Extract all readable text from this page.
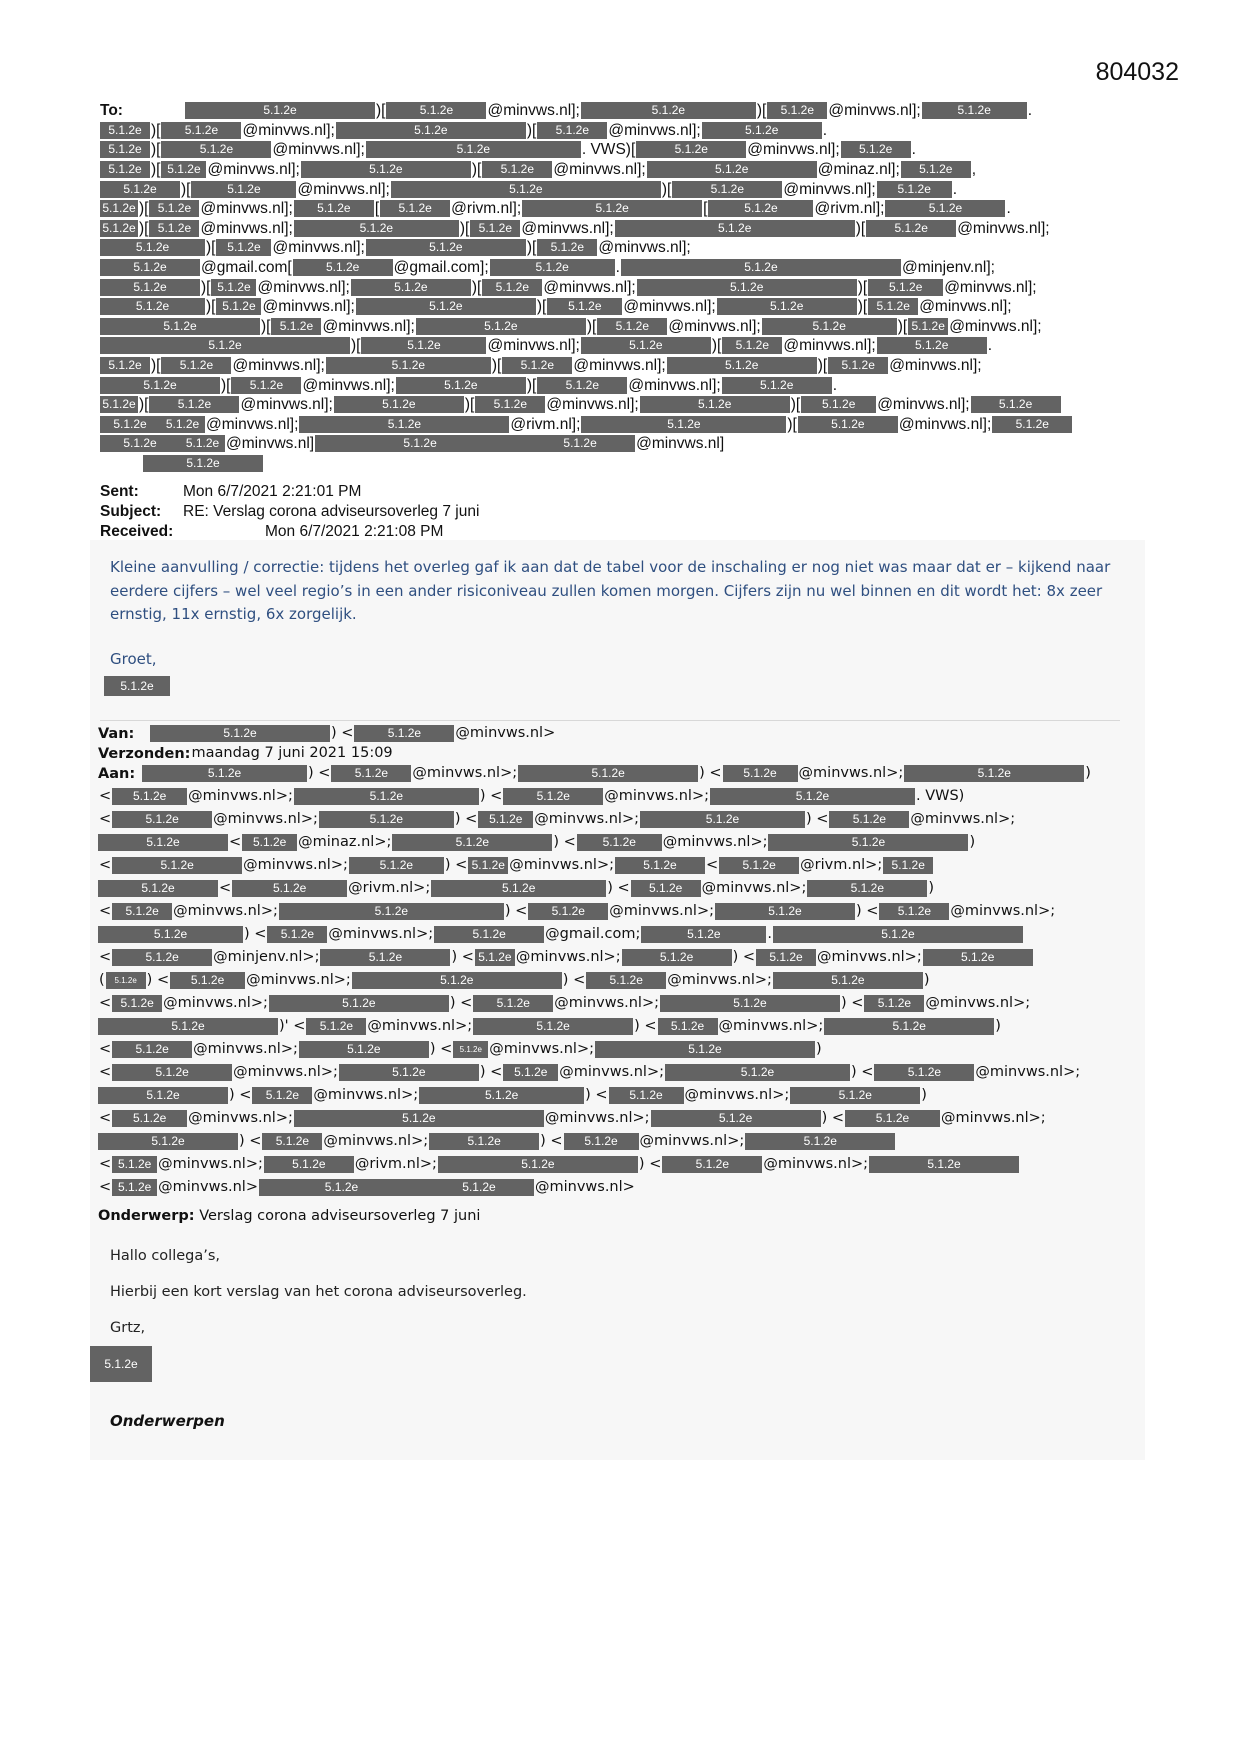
804032
To:	5.1.2e	)[	5.1.2e	@minvws.nl];	5.1.2e	)[	5.1.2e @minvws.nl];	5.1.2e	.
5.1.2e )[	5.1.2e	@minvws.nl];	5.1.2e	)[	5.1.2e	@minvws.nl];	5.1.2e	.
5.1.2e )[	5.1.2e	@minvws.nl];	5.1.2e	. VWS)[	5.1.2e	@minvws.nl];	5.1.2e	.
5.1.2e )[ 5.1.2e @minvws.nl];	5.1.2e	)[	5.1.2e	@minvws.nl];	5.1.2e	@minaz.nl];	5.1.2e	,
5.1.2e	)[	5.1.2e	@minvws.nl];	5.1.2e	)[	5.1.2e	@minvws.nl];	5.1.2e	.
5.1.2e )[ 5.1.2e @minvws.nl];	5.1.2e	[	5.1.2e	@rivm.nl];	5.1.2e	[	5.1.2e	@rivm.nl];	5.1.2e	.
5.1.2e )[ 5.1.2e @minvws.nl];	5.1.2e	)[ 5.1.2e @minvws.nl];	5.1.2e	)[	5.1.2e	@minvws.nl];
5.1.2e	)[ 5.1.2e @minvws.nl];	5.1.2e	)[	5.1.2e @minvws.nl];
5.1.2e	@gmail.com[	5.1.2e	@gmail.com];	5.1.2e	.	5.1.2e	@minjenv.nl];
5.1.2e	)[ 5.1.2e @minvws.nl];	5.1.2e	)[	5.1.2e @minvws.nl];	5.1.2e	)[	5.1.2e	@minvws.nl];
5.1.2e	)[ 5.1.2e @minvws.nl];	5.1.2e	)[	5.1.2e	@minvws.nl];	5.1.2e	)[ 5.1.2e @minvws.nl];
5.1.2e	)[ 5.1.2e @minvws.nl];	5.1.2e	)[	5.1.2e	@minvws.nl];	5.1.2e	)[ 5.1.2e @minvws.nl];
5.1.2e	)[	5.1.2e	@minvws.nl];	5.1.2e	)[	5.1.2e @minvws.nl];	5.1.2e	.
5.1.2e )[	5.1.2e	@minvws.nl];	5.1.2e	)[	5.1.2e	@minvws.nl];	5.1.2e	)[	5.1.2e @minvws.nl];
5.1.2e	)[	5.1.2e	@minvws.nl];	5.1.2e	)[	5.1.2e	@minvws.nl];	5.1.2e	.
5.1.2e )[	5.1.2e	@minvws.nl];	5.1.2e	)[	5.1.2e	@minvws.nl];	5.1.2e	)[	5.1.2e	@minvws.nl];	5.1.2e
5.1.2e	5.1.2e @minvws.nl];	5.1.2e	@rivm.nl];	5.1.2e	)[	5.1.2e	@minvws.nl];	5.1.2e
5.1.2e	5.1.2e @minvws.nl]	5.1.2e	5.1.2e	@minvws.nl]
5.1.2e
Sent:	Mon 6/7/2021 2:21:01 PM
Subject: RE: Verslag corona adviseursoverleg 7 juni
Received:	Mon 6/7/2021 2:21:08 PM
Kleine aanvulling / correctie: tijdens het overleg gaf ik aan dat de tabel voor de inschaling er nog niet was maar dat er – kijkend naar eerdere cijfers – wel veel regio’s in een ander risiconiveau zullen komen morgen. Cijfers zijn nu wel binnen en dit wordt het: 8x zeer ernstig, 11x ernstig, 6x zorgelijk.
Groet,
5.1.2e
Van:	5.1.2e	) <	5.1.2e	@minvws.nl>
Verzonden: maandag 7 juni 2021 15:09
Aan:	5.1.2e	) <	5.1.2e	@minvws.nl>;	5.1.2e	) <	5.1.2e	@minvws.nl>;	5.1.2e	)
<	5.1.2e	@minvws.nl>;	5.1.2e	) <	5.1.2e	@minvws.nl>;	5.1.2e	. VWS)
<	5.1.2e	@minvws.nl>;	5.1.2e	) < 5.1.2e @minvws.nl>;	5.1.2e	) <	5.1.2e	@minvws.nl>;
5.1.2e	< 5.1.2e @minaz.nl>;	5.1.2e	) <	5.1.2e	@minvws.nl>;	5.1.2e	)
<	5.1.2e	@minvws.nl>;	5.1.2e	) < 5.1.2e @minvws.nl>;	5.1.2e	<	5.1.2e	@rivm.nl>; 5.1.2e
5.1.2e	<	5.1.2e	@rivm.nl>;	5.1.2e	) <	5.1.2e	@minvws.nl>;	5.1.2e	)
<	5.1.2e @minvws.nl>;	5.1.2e	) <	5.1.2e	@minvws.nl>;	5.1.2e	) <	5.1.2e	@minvws.nl>;
5.1.2e	) <	5.1.2e @minvws.nl>;	5.1.2e	@gmail.com;	5.1.2e	.	5.1.2e
<	5.1.2e	@minjenv.nl>;	5.1.2e	) < 5.1.2e @minvws.nl>;	5.1.2e	) <	5.1.2e @minvws.nl>;	5.1.2e
(	5.1.2e ) <	5.1.2e	@minvws.nl>;	5.1.2e	) <	5.1.2e	@minvws.nl>;	5.1.2e	)
< 5.1.2e @minvws.nl>;	5.1.2e	) <	5.1.2e	@minvws.nl>;	5.1.2e	) <	5.1.2e @minvws.nl>;
5.1.2e	)' <	5.1.2e @minvws.nl>;	5.1.2e	) <	5.1.2e @minvws.nl>;	5.1.2e	)
<	5.1.2e	@minvws.nl>;	5.1.2e	) < 5.1.2e @minvws.nl>;	5.1.2e	)
<	5.1.2e	@minvws.nl>;	5.1.2e	) < 5.1.2e @minvws.nl>;	5.1.2e	) <	5.1.2e	@minvws.nl>;
5.1.2e	) <	5.1.2e @minvws.nl>;	5.1.2e	) <	5.1.2e	@minvws.nl>;	5.1.2e	)
<	5.1.2e	@minvws.nl>;	5.1.2e	@minvws.nl>;	5.1.2e	) <	5.1.2e	@minvws.nl>;
5.1.2e	) <	5.1.2e @minvws.nl>;	5.1.2e	) <	5.1.2e	@minvws.nl>;	5.1.2e
< 5.1.2e @minvws.nl>;	5.1.2e	@rivm.nl>;	5.1.2e	) <	5.1.2e	@minvws.nl>;	5.1.2e
< 5.1.2e @minvws.nl>	5.1.2e	5.1.2e	@minvws.nl>
Onderwerp: Verslag corona adviseursoverleg 7 juni
Hallo collega’s,
Hierbij een kort verslag van het corona adviseursoverleg.
Grtz,
5.1.2e
Onderwerpen
